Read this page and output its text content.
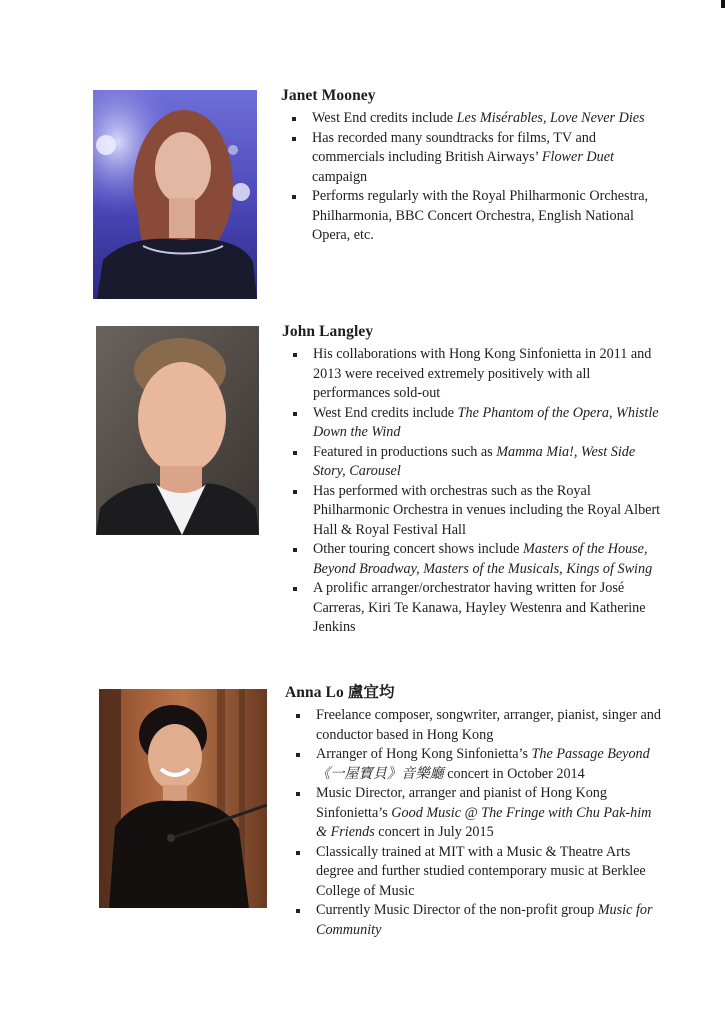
Janet Mooney
West End credits include Les Misérables, Love Never Dies
Has recorded many soundtracks for films, TV and commercials including British Airways’ Flower Duet campaign
Performs regularly with the Royal Philharmonic Orchestra, Philharmonia, BBC Concert Orchestra, English National Opera, etc.
John Langley
His collaborations with Hong Kong Sinfonietta in 2011 and 2013 were received extremely positively with all performances sold-out
West End credits include The Phantom of the Opera, Whistle Down the Wind
Featured in productions such as Mamma Mia!, West Side Story, Carousel
Has performed with orchestras such as the Royal Philharmonic Orchestra in venues including the Royal Albert Hall & Royal Festival Hall
Other touring concert shows include Masters of the House, Beyond Broadway, Masters of the Musicals, Kings of Swing
A prolific arranger/orchestrator having written for José Carreras, Kiri Te Kanawa, Hayley Westenra and Katherine Jenkins
Anna Lo 盧宜均
Freelance composer, songwriter, arranger, pianist, singer and conductor based in Hong Kong
Arranger of Hong Kong Sinfonietta’s The Passage Beyond《一屋寶貝》音樂廳 concert in October 2014
Music Director, arranger and pianist of Hong Kong Sinfonietta’s Good Music @ The Fringe with Chu Pak-him & Friends concert in July 2015
Classically trained at MIT with a Music & Theatre Arts degree and further studied contemporary music at Berklee College of Music
Currently Music Director of the non-profit group Music for Community
